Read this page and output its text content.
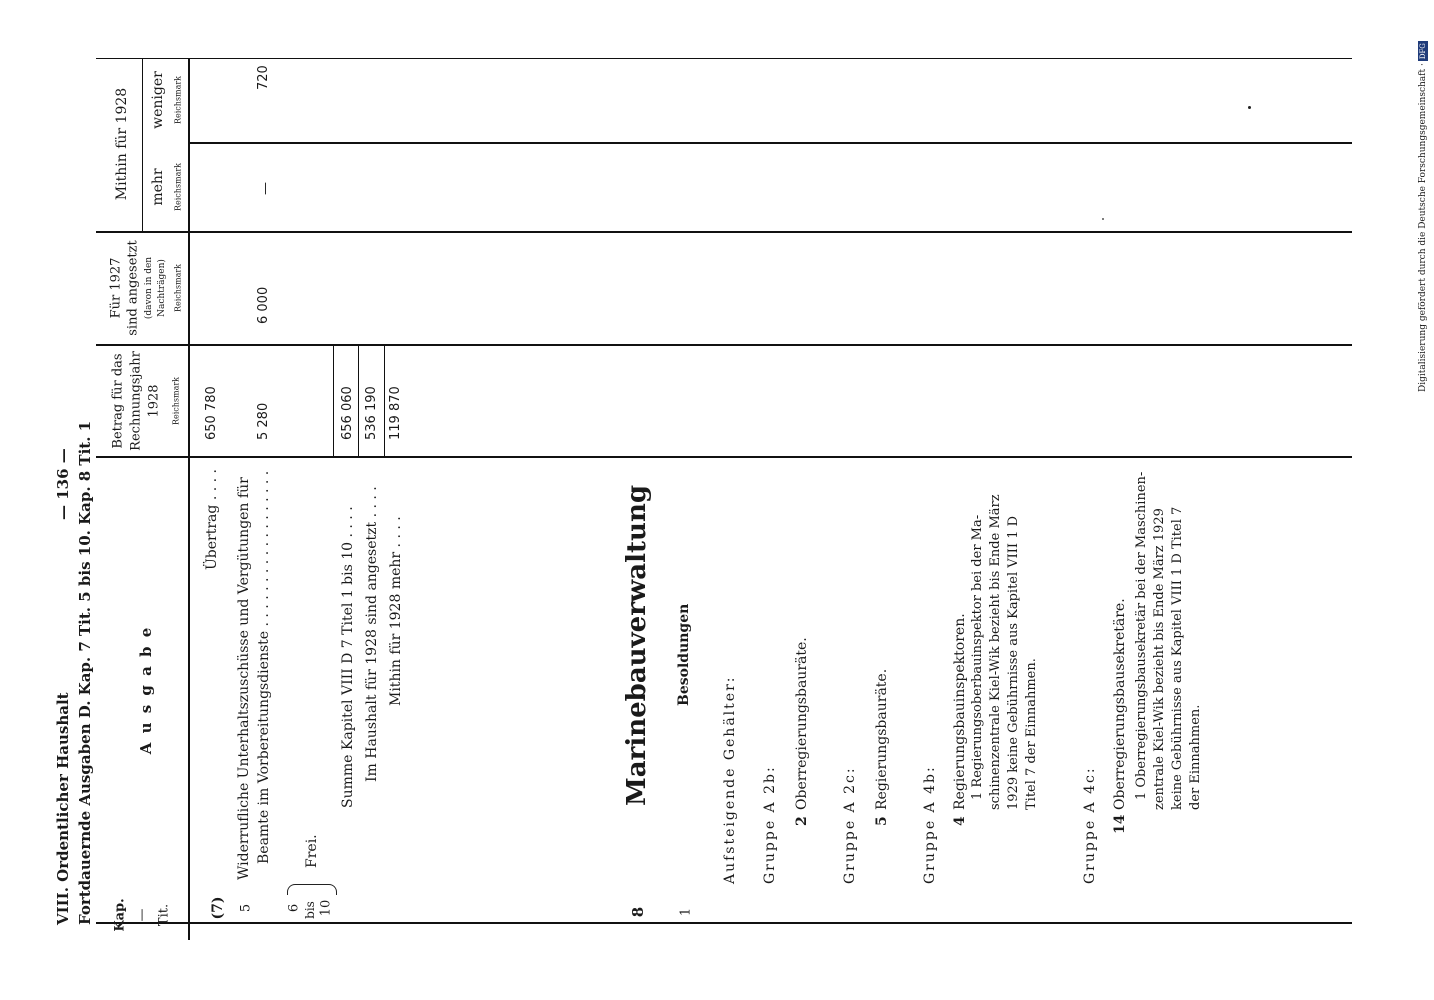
VIII. Ordentlicher Haushalt Fortdauernde Ausgaben D. Kap. 7 Tit. 5 bis 10. Kap. 8 Tit. 1
— 136 —
Kap. — Tit.
A u s g a b e
Betrag für das Rechnungsjahr 1928 Reichsmark
Für 1927 sind angesetzt (davon in den Nachträgen) Reichsmark
Mithin für 1928 mehr Reichsmark
weniger Reichsmark
(7)
Übertrag . . . .
650 780
5
Widerrufliche Unterhaltszuschüsse und Vergütungen für Beamte im Vorbereitungsdienste . . . . . . . . . . . . . . . . . .
5 280
6 000
—
720
6 bis 10
Frei.
Summe Kapitel VIII D 7 Titel 1 bis 10 . . . .
656 060
Im Haushalt für 1928 sind angesetzt . . . .
536 190
Mithin für 1928 mehr . . . .
119 870
8
Marinebauverwaltung
1
Besoldungen
Aufsteigende Gehälter: Gruppe A 2b: 2
Oberregierungsbauräte.
Gruppe A 2c: 5
Regierungsbauräte.
Gruppe A 4b: 4
Regierungsbauinspektoren. 1 Regierungsoberbauinspektor bei der Ma- schinenzentrale Kiel-Wik bezieht bis Ende März 1929 keine Gebührnisse aus Kapitel VIII 1 D Titel 7 der Einnahmen.
Gruppe A 4c: 14
Oberregierungsbausekretäre. 1 Oberregierungsbausekretär bei der Maschinen- zentrale Kiel-Wik bezieht bis Ende März 1929 keine Gebührnisse aus Kapitel VIII 1 D Titel 7 der Einnahmen.
Digitalisierung gefördert durch die Deutsche Forschungsgemeinschaft ·DFG
